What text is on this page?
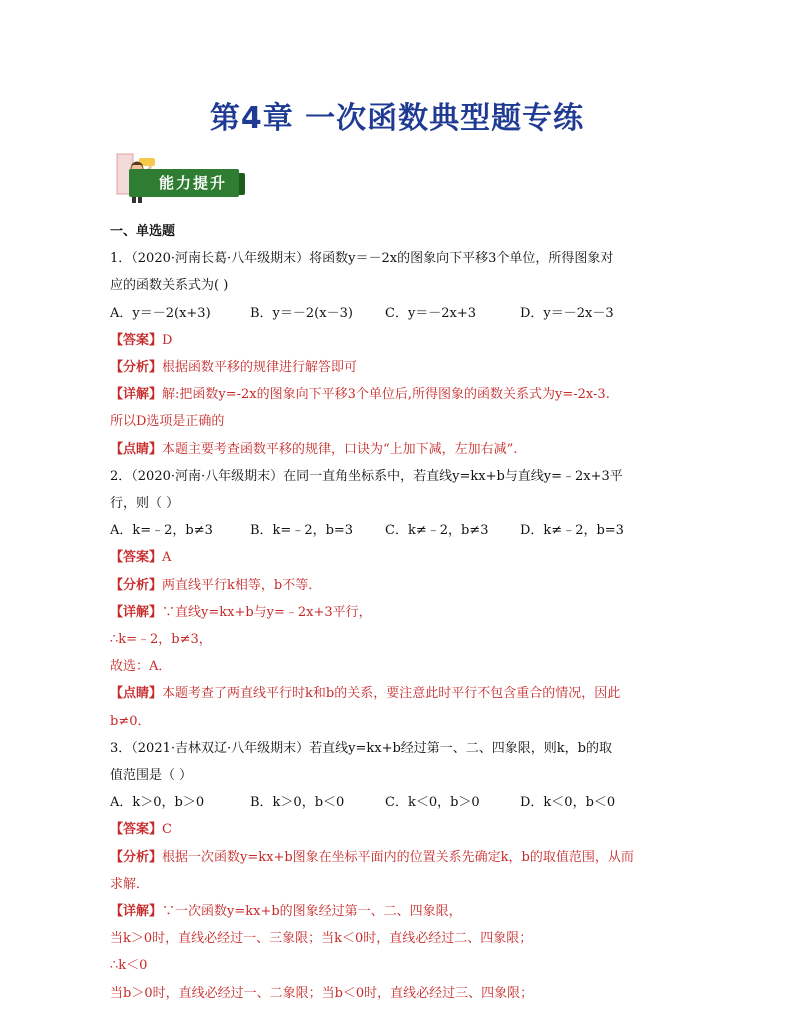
第4章 一次函数典型题专练
能力提升
一、单选题
1．（2020·河南长葛·八年级期末）将函数y＝－2x的图象向下平移3个单位，所得图象对
应的函数关系式为( )
A．y＝－2(x+3)	B．y＝－2(x－3) C．y＝－2x+3	D．y＝－2x－3
【答案】D
【分析】根据函数平移的规律进行解答即可
【详解】解:把函数y=-2x的图象向下平移3个单位后,所得图象的函数关系式为y=-2x-3.
所以D选项是正确的
【点睛】本题主要考查函数平移的规律，口诀为“上加下减，左加右减”.
2．（2020·河南·八年级期末）在同一直角坐标系中，若直线y=kx+b与直线y=﹣2x+3平
行，则（ ）
A．k=﹣2，b≠3	B．k=﹣2，b=3 C．k≠﹣2，b≠3 D．k≠﹣2，b=3
【答案】A
【分析】两直线平行k相等，b不等．
【详解】∵直线y=kx+b与y=﹣2x+3平行，
∴k=﹣2，b≠3，
故选：A．
【点睛】本题考查了两直线平行时k和b的关系，要注意此时平行不包含重合的情况，因此
b≠0．
3．（2021·吉林双辽·八年级期末）若直线y=kx+b经过第一、二、四象限，则k，b的取
值范围是（ ）
A．k＞0，b＞0	B．k＞0，b＜0	C．k＜0，b＞0	D．k＜0，b＜0
【答案】C
【分析】根据一次函数y=kx+b图象在坐标平面内的位置关系先确定k，b的取值范围，从而
求解．
【详解】∵一次函数y=kx+b的图象经过第一、二、四象限，
当k＞0时，直线必经过一、三象限；当k＜0时，直线必经过二、四象限；
∴k＜0
当b＞0时，直线必经过一、二象限；当b＜0时，直线必经过三、四象限；
